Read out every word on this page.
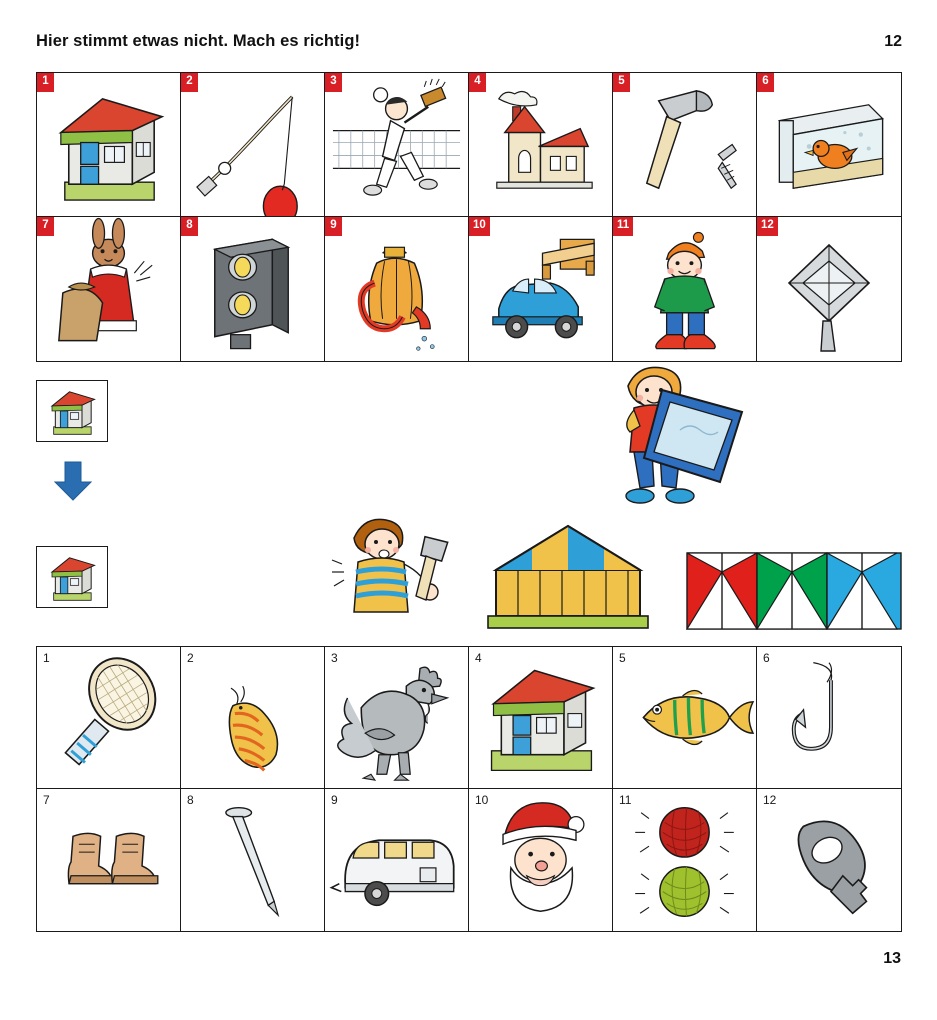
Hier stimmt etwas nicht. Mach es richtig!	12
1	2	3	4	5	6
7	8	9	10	11	12
1	2	3	4	5	6
7	8	9	10	11	12
13
